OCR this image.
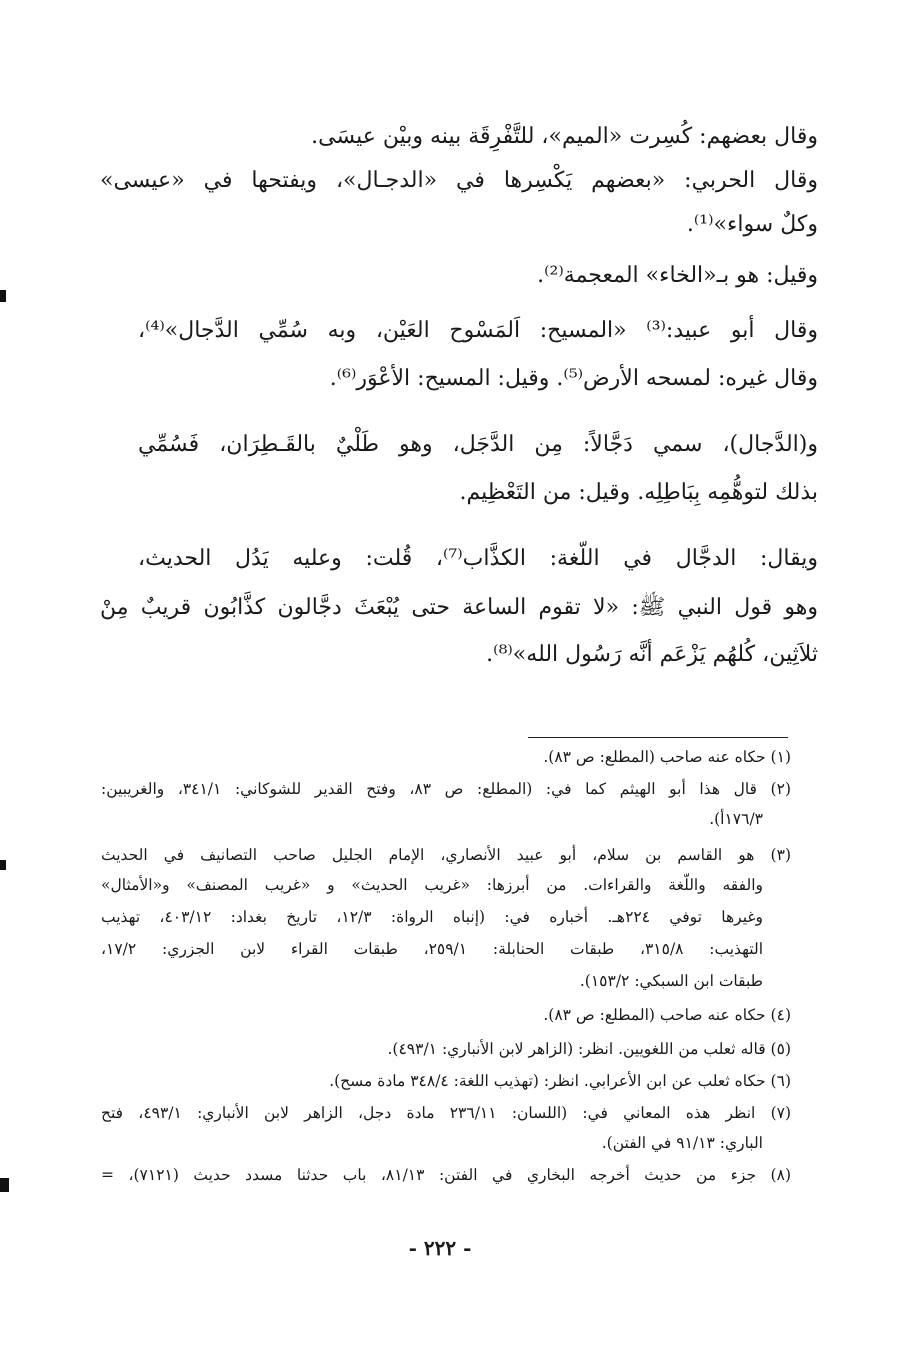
وقال بعضهم: كُسِرت «الميم»، للتَّفْرِقَة بينه وبيْن عيسَى.
وقال الحربي: «بعضهم يَكْسِرها في «الدجـال»، ويفتحها في «عيسى»
وكلٌ سواء»⁽¹⁾.
وقيل: هو بـ«الخاء» المعجمة⁽²⁾.
وقال أبو عبيد:⁽³⁾ «المسيح: اَلمَسْوح العَيْن، وبه سُمِّي الدَّجال»⁽⁴⁾،
وقال غيره: لمسحه الأرض⁽⁵⁾. وقيل: المسيح: الأعْوَر⁽⁶⁾.
و(الدَّجال)، سمي دَجَّالاً: مِن الدَّجَل، وهو طَلْيٌ بالقَـطِرَان، فَسُمِّي
بذلك لتوهُّمِه بِبَاطِلِه. وقيل: من التَعْظِيم.
ويقال: الدجَّال في اللّغة: الكذَّاب⁽⁷⁾، قُلت: وعليه يَدُل الحديث،
وهو قول النبي ﷺ: «لا تقوم الساعة حتى يُبْعَثَ دجَّالون كذَّابُون قريبٌ مِنْ
ثلاَثِين، كُلهُم يَزْعَم أنَّه رَسُول الله»⁽⁸⁾.
(١) حكاه عنه صاحب (المطلع: ص ٨٣).
(٢) قال هذا أبو الهيثم كما في: (المطلع: ص ٨٣، وفتح القدير للشوكاني: ٣٤١/١، والغريبين:
١٧٦/٣أ).
(٣) هو القاسم بن سلام، أبو عبيد الأنصاري، الإمام الجليل صاحب التصانيف في الحديث
والفقه واللّغة والقراءات. من أبرزها: «غريب الحديث» و «غريب المصنف» و«الأمثال»
وغيرها توفي ٢٢٤هـ. أخباره في: (إنباه الرواة: ١٢/٣، تاريخ بغداد: ٤٠٣/١٢، تهذيب
التهذيب: ٣١٥/٨، طبقات الحنابلة: ٢٥٩/١، طبقات القراء لابن الجزري: ١٧/٢،
طبقات ابن السبكي: ١٥٣/٢).
(٤) حكاه عنه صاحب (المطلع: ص ٨٣).
(٥) قاله ثعلب من اللغويين. انظر: (الزاهر لابن الأنباري: ٤٩٣/١).
(٦) حكاه ثعلب عن ابن الأعرابي. انظر: (تهذيب اللغة: ٣٤٨/٤ مادة مسح).
(٧) انظر هذه المعاني في: (اللسان: ٢٣٦/١١ مادة دجل، الزاهر لابن الأنباري: ٤٩٣/١، فتح
الباري: ٩١/١٣ في الفتن).
(٨) جزء من حديث أخرجه البخاري في الفتن: ٨١/١٣، باب حدثنا مسدد حديث (٧١٢١)، =
- ٢٢٢ -
